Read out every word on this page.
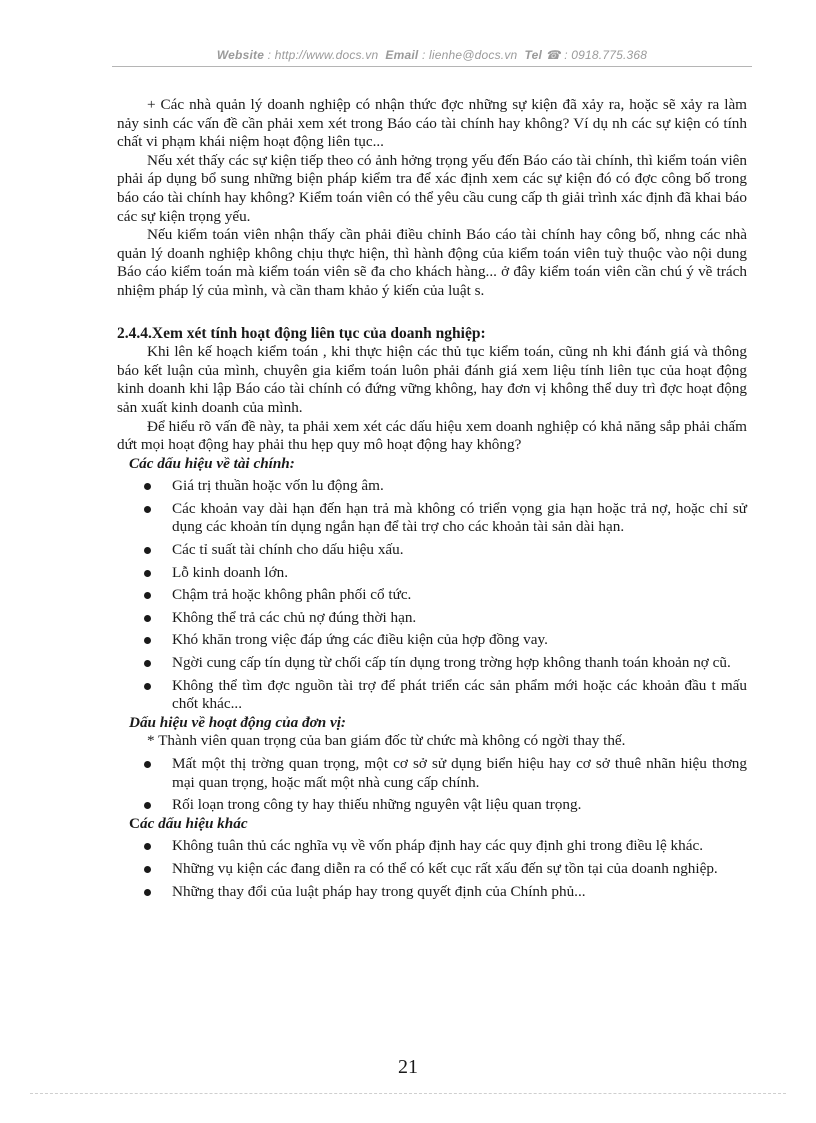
Website : http://www.docs.vn Email : lienhe@docs.vn Tel ☎ : 0918.775.368

+ Các nhà quản lý doanh nghiệp có nhận thức đợc những sự kiện đã xảy ra, hoặc sẽ xảy ra làm nảy sinh các vấn đề cần phải xem xét trong Báo cáo tài chính hay không? Ví dụ nh các sự kiện có tính chất vi phạm khái niệm hoạt động liên tục...

Nếu xét thấy các sự kiện tiếp theo có ảnh hởng trọng yếu đến Báo cáo tài chính, thì kiểm toán viên phải áp dụng bổ sung những biện pháp kiểm tra để xác định xem các sự kiện đó có đợc công bố trong báo cáo tài chính hay không? Kiểm toán viên có thể yêu cầu cung cấp th giải trình xác định đã khai báo các sự kiện trọng yếu.

Nếu kiểm toán viên nhận thấy cần phải điều chỉnh Báo cáo tài chính hay công bố, nhng các nhà quản lý doanh nghiệp không chịu thực hiện, thì hành động của kiểm toán viên tuỳ thuộc vào nội dung Báo cáo kiểm toán mà kiểm toán viên sẽ đa cho khách hàng... ở đây kiểm toán viên cần chú ý về trách nhiệm pháp lý của mình, và cần tham khảo ý kiến của luật s.

2.4.4.Xem xét tính hoạt động liên tục của doanh nghiệp:

Khi lên kế hoạch kiểm toán , khi thực hiện các thủ tục kiểm toán, cũng nh khi đánh giá và thông báo kết luận của mình, chuyên gia kiểm toán luôn phải đánh giá xem liệu tính liên tục của hoạt động kinh doanh khi lập Báo cáo tài chính có đứng vững không, hay đơn vị không thể duy trì đợc hoạt động sản xuất kinh doanh của mình.

Để hiểu rõ vấn đề này, ta phải xem xét các dấu hiệu xem doanh nghiệp có khả năng sắp phải chấm dứt mọi hoạt động hay phải thu hẹp quy mô hoạt động hay không?

Các dấu hiệu về tài chính:
Giá trị thuần hoặc vốn lu động âm.
Các khoản vay dài hạn đến hạn trả mà không có triển vọng gia hạn hoặc trả nợ, hoặc chỉ sử dụng các khoản tín dụng ngắn hạn để tài trợ cho các khoản tài sản dài hạn.
Các tỉ suất tài chính cho dấu hiệu xấu.
Lỗ kinh doanh lớn.
Chậm trả hoặc không phân phối cổ tức.
Không thể trả các chủ nợ đúng thời hạn.
Khó khăn trong việc đáp ứng các điều kiện của hợp đồng vay.
Ngời cung cấp tín dụng từ chối cấp tín dụng trong trờng hợp không thanh toán khoản nợ cũ.
Không thể tìm đợc nguồn tài trợ để phát triển các sản phẩm mới hoặc các khoản đầu t mấu chốt khác...
Dấu hiệu về hoạt động của đơn vị:

* Thành viên quan trọng của ban giám đốc từ chức mà không có ngời thay thế.

Mất một thị trờng quan trọng, một cơ sở sử dụng biển hiệu hay cơ sở thuê nhãn hiệu thơng mại quan trọng, hoặc mất một nhà cung cấp chính.
Rối loạn trong công ty hay thiếu những nguyên vật liệu quan trọng.
Các dấu hiệu khác
Không tuân thủ các nghĩa vụ về vốn pháp định hay các quy định ghi trong điều lệ khác.
Những vụ kiện các đang diễn ra có thể có kết cục rất xấu đến sự tồn tại của doanh nghiệp.
Những thay đổi của luật pháp hay trong quyết định của Chính phủ...
21
